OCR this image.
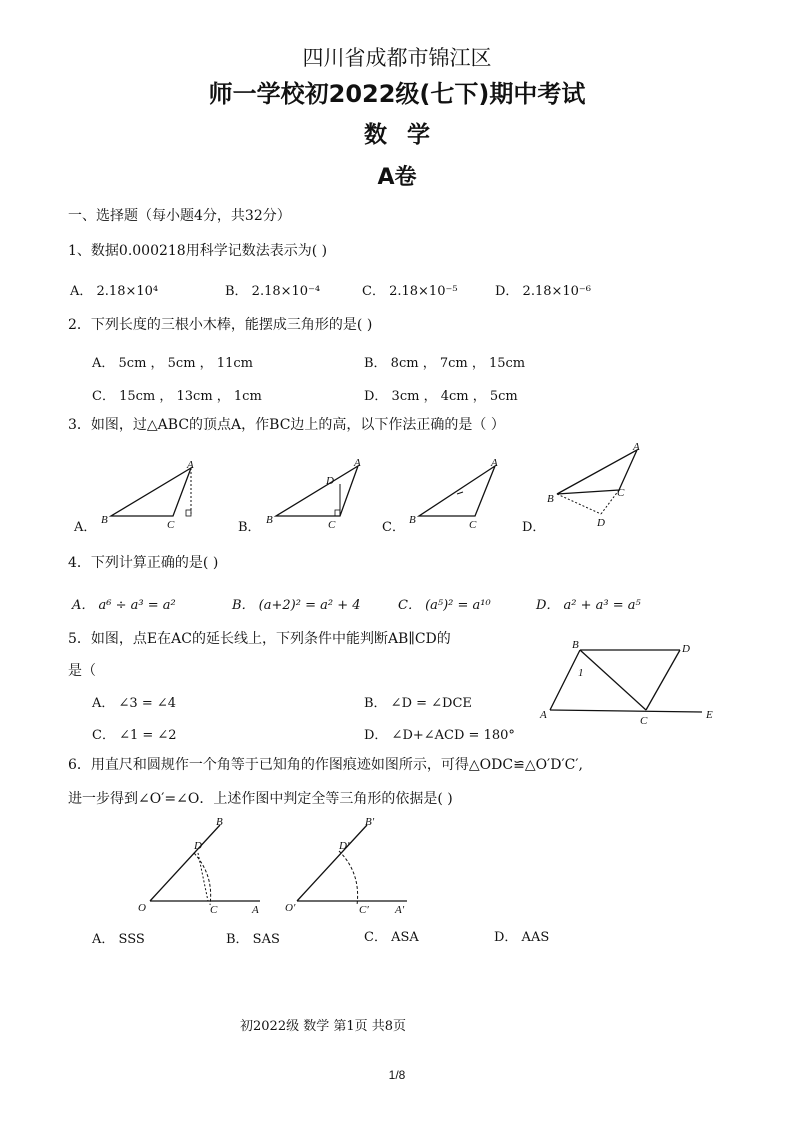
四川省成都市锦江区
师一学校初2022级(七下)期中考试
数学
A卷
一、选择题（每小题4分，共32分）
1、数据0.000218用科学记数法表示为( )
A． 2.18×10⁴	B． 2.18×10⁻⁴	C． 2.18×10⁻⁵	D． 2.18×10⁻⁶
2．下列长度的三根小木棒，能摆成三角形的是( )
A． 5cm ， 5cm ， 11cm	B． 8cm ， 7cm ， 15cm
C． 15cm ， 13cm ， 1cm	D． 3cm ， 4cm ， 5cm
3．如图，过△ABC的顶点A，作BC边上的高，以下作法正确的是（ ）
A．
A
B	C	B．
A
B	C
D
C．
A
B	C	D．
A
B	C
D
4．下列计算正确的是( )
A． a⁶ ÷ a³ = a²	B． (a+2)² = a² + 4	C． (a⁵)² = a¹⁰	D． a² + a³ = a⁵
5．如图，点E在AC的延长线上，下列条件中能判断AB∥CD的
是（
A． ∠3 = ∠4	B． ∠D = ∠DCE
C． ∠1 = ∠2	D． ∠D+∠ACD = 180°
A
B
C
D
E
1
6．用直尺和圆规作一个角等于已知角的作图痕迹如图所示，可得△ODC≌△O′D′C′,
进一步得到∠O′=∠O．上述作图中判定全等三角形的依据是( )
O	C	A
D
B
O′	C′ A′
D′
B′
A． SSS	B． SAS	C． ASA	D． AAS
初2022级 数学 第1页 共8页
1/8
